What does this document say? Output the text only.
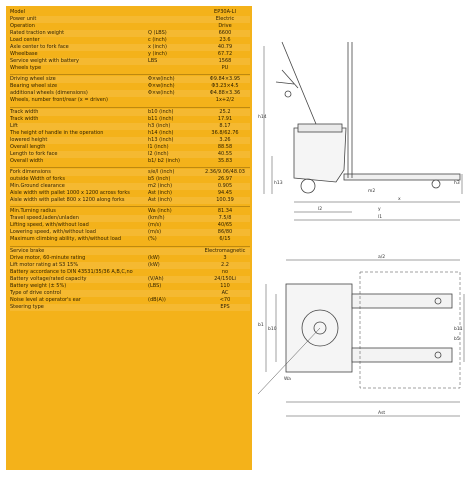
Model	EP30A-LI
Power unit	Electric
Operation	Drive
Rated traction weight	Q (LBS)	6600
Load center	c (inch)	23.6
Axle center to fork face	x (inch)	40.79
Wheelbase	y (inch)	67.72
Service weight with battery	LBS	1568
Wheels type	PU
Driving wheel size	Φ×w(inch)	Φ9.84×3.95
Bearing wheel size	Φ×w(inch)	Φ3.23×4.5
additional wheels (dimensions)	Φ×w(inch)	Φ4.88×3.36
Wheels, number front/rear (x = driven)	1x+2/2
Track width	b10 (inch)	25.2
Track width	b11 (inch)	17.91
Lift	h3 (inch)	8.17
The height of handle in the operation	h14 (inch)	36.8/62.76
lowered height	h13 (inch)	3.26
Overall length	l1 (inch)	88.58
Length to fork face	l2 (inch)	40.55
Overall width	b1/ b2 (inch)	35.83
Fork dimensions	s/e/l (inch)	2.36/9.06/48.03
outside Width of forks	b5 (inch)	26.97
Min.Ground clearance	m2 (inch)	0.905
Aisle width with pallet 1000 x 1200 across forks	Ast (inch)	94.45
Aisle width with pallet 800 x 1200 along forks	Ast (inch)	100.39
Min.Turning radius	Wa (inch)	81.34
Travel speed,laden/unladen	(km/h)	7.5/8
Lifting speed, with/without load	(m/s)	40/65
Lowering speed, with/without load	(m/s)	86/80
Maximum climbing ability, with/without load	(%)	6/15
Service brake	Electromagnetic
Drive motor, 60-minute rating	(kW)	3
Lift motor rating at S3 15%	(kW)	2.2
Battery accordance to DIN 43531/35/36 A,B,C,no	no
Battery voltage/rated capacity	(V/Ah)	24/150Li
Battery weight (± 5%)	(LBS)	110
Type of drive control	AC
Noise level at operator's ear	(dB(A))	<70
Steering type	EPS
h14
h3
h13
m2
l2
x
y
l1

b10	b11
b1
b5
Wa
Ast
a/2
